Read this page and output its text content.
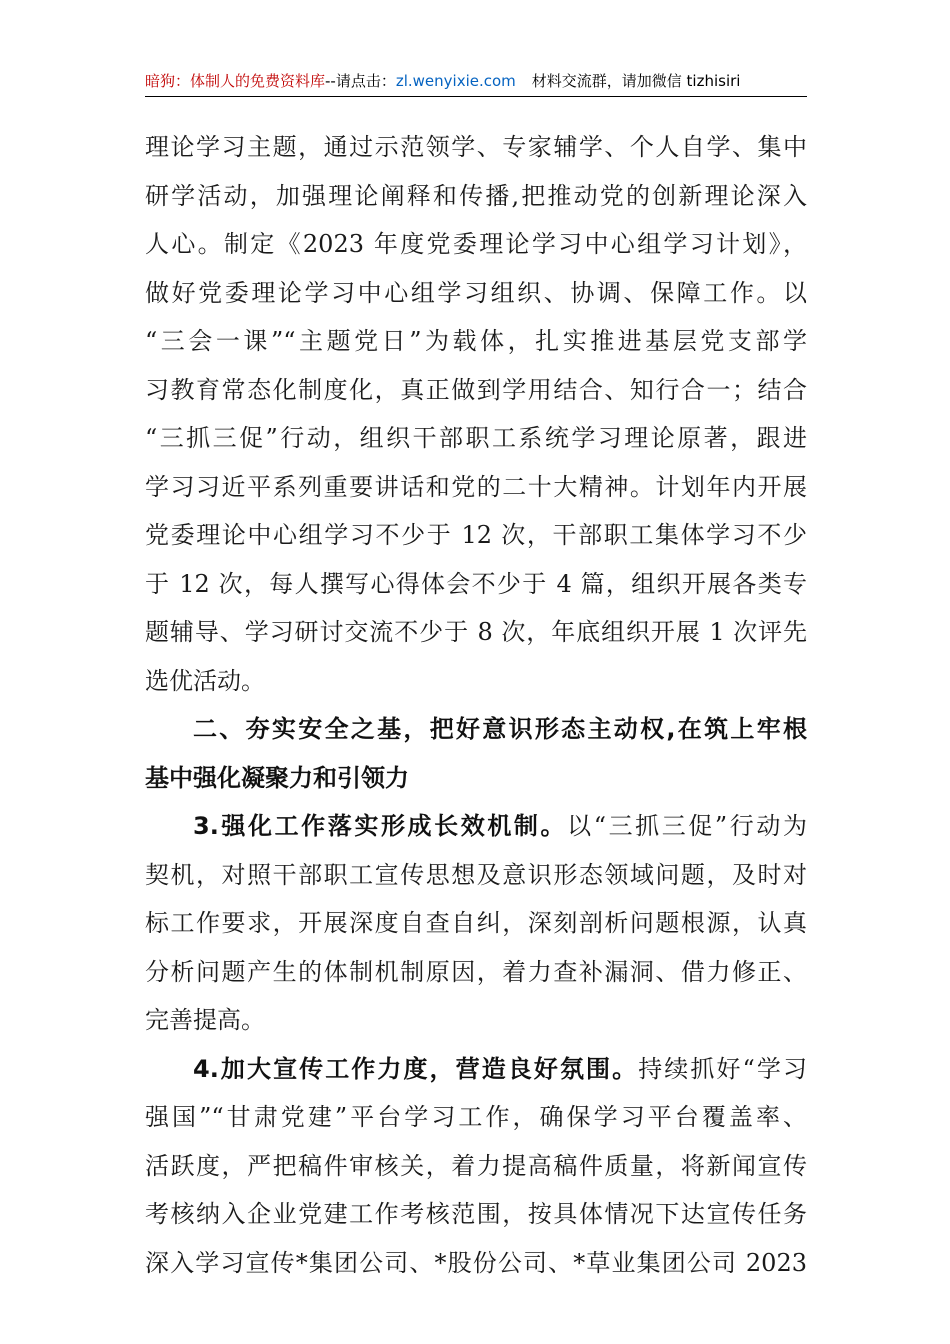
暗狗：体制人的免费资料库--请点击：zl.wenyixie.com 材料交流群，请加微信 tizhisiri
理论学习主题，通过示范领学、专家辅学、个人自学、集中
研学活动，加强理论阐释和传播,把推动党的创新理论深入
人心。制定《2023 年度党委理论学习中心组学习计划》，
做好党委理论学习中心组学习组织、协调、保障工作。以
“三会一课”“主题党日”为载体，扎实推进基层党支部学
习教育常态化制度化，真正做到学用结合、知行合一；结合
“三抓三促”行动，组织干部职工系统学习理论原著，跟进
学习习近平系列重要讲话和党的二十大精神。计划年内开展
党委理论中心组学习不少于 12 次，干部职工集体学习不少
于 12 次，每人撰写心得体会不少于 4 篇，组织开展各类专
题辅导、学习研讨交流不少于 8 次，年底组织开展 1 次评先
选优活动。
二、夯实安全之基，把好意识形态主动权,在筑上牢根
基中强化凝聚力和引领力
3.强化工作落实形成长效机制。以“三抓三促”行动为
契机，对照干部职工宣传思想及意识形态领域问题，及时对
标工作要求，开展深度自查自纠，深刻剖析问题根源，认真
分析问题产生的体制机制原因，着力查补漏洞、借力修正、
完善提高。
4.加大宣传工作力度，营造良好氛围。持续抓好“学习
强国”“甘肃党建”平台学习工作，确保学习平台覆盖率、
活跃度，严把稿件审核关，着力提高稿件质量，将新闻宣传
考核纳入企业党建工作考核范围，按具体情况下达宣传任务
深入学习宣传*集团公司、*股份公司、*草业集团公司 2023
